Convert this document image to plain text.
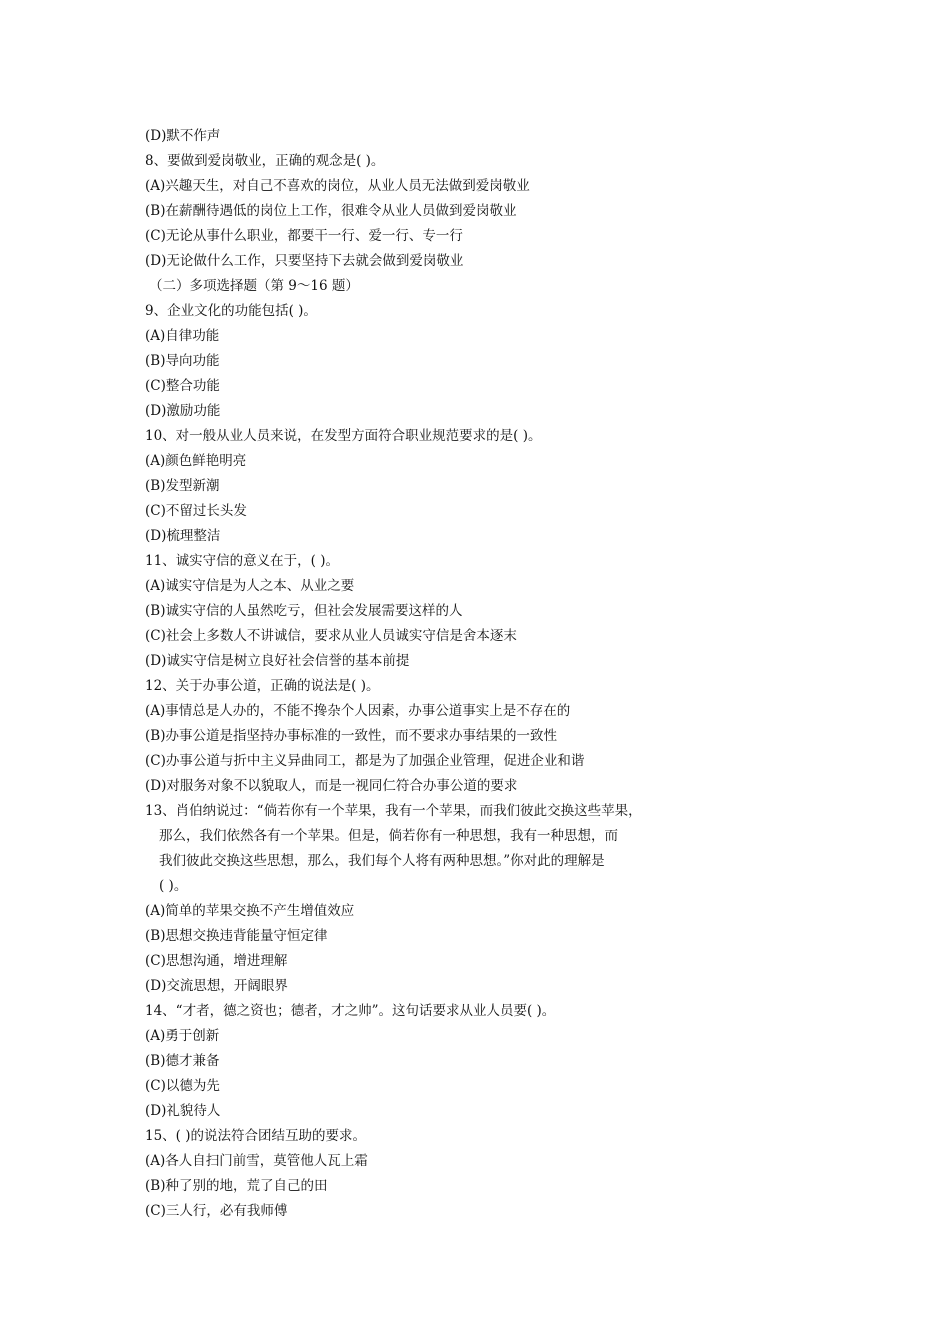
(D)默不作声
8、要做到爱岗敬业，正确的观念是( )。
(A)兴趣天生，对自己不喜欢的岗位，从业人员无法做到爱岗敬业
(B)在薪酬待遇低的岗位上工作，很难令从业人员做到爱岗敬业
(C)无论从事什么职业，都要干一行、爱一行、专一行
(D)无论做什么工作，只要坚持下去就会做到爱岗敬业
（二）多项选择题（第 9～16 题）
9、企业文化的功能包括( )。
(A)自律功能
(B)导向功能
(C)整合功能
(D)激励功能
10、对一般从业人员来说，在发型方面符合职业规范要求的是( )。
(A)颜色鲜艳明亮
(B)发型新潮
(C)不留过长头发
(D)梳理整洁
11、诚实守信的意义在于，( )。
(A)诚实守信是为人之本、从业之要
(B)诚实守信的人虽然吃亏，但社会发展需要这样的人
(C)社会上多数人不讲诚信，要求从业人员诚实守信是舍本逐末
(D)诚实守信是树立良好社会信誉的基本前提
12、关于办事公道，正确的说法是( )。
(A)事情总是人办的，不能不搀杂个人因素，办事公道事实上是不存在的
(B)办事公道是指坚持办事标准的一致性，而不要求办事结果的一致性
(C)办事公道与折中主义异曲同工，都是为了加强企业管理，促进企业和谐
(D)对服务对象不以貌取人，而是一视同仁符合办事公道的要求
13、肖伯纳说过：“倘若你有一个苹果，我有一个苹果，而我们彼此交换这些苹果，
那么，我们依然各有一个苹果。但是，倘若你有一种思想，我有一种思想，而
我们彼此交换这些思想，那么，我们每个人将有两种思想。”你对此的理解是
( )。
(A)简单的苹果交换不产生增值效应
(B)思想交换违背能量守恒定律
(C)思想沟通，增进理解
(D)交流思想，开阔眼界
14、“才者，德之资也；德者，才之帅”。这句话要求从业人员要( )。
(A)勇于创新
(B)德才兼备
(C)以德为先
(D)礼貌待人
15、( )的说法符合团结互助的要求。
(A)各人自扫门前雪，莫管他人瓦上霜
(B)种了别的地，荒了自己的田
(C)三人行，必有我师傅
